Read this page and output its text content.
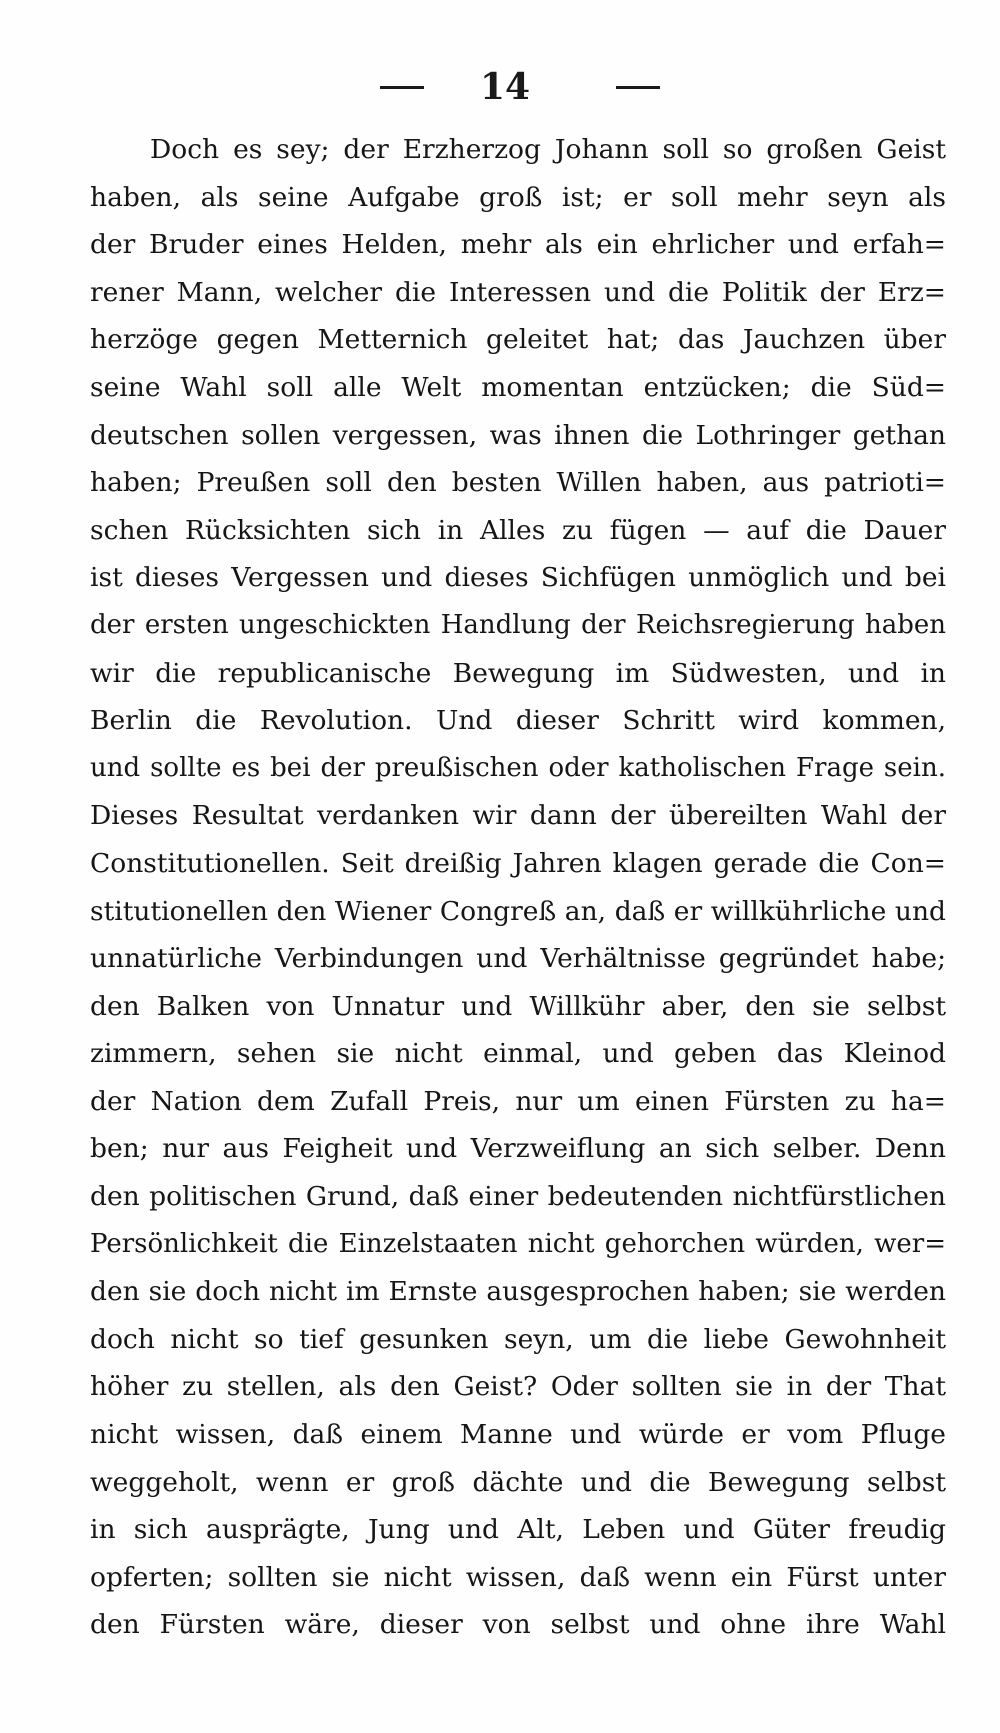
14
Doch es sey; der Erzherzog Johann soll so großen Geist
haben, als seine Aufgabe groß ist; er soll mehr seyn als
der Bruder eines Helden, mehr als ein ehrlicher und erfah=
rener Mann, welcher die Interessen und die Politik der Erz=
herzöge gegen Metternich geleitet hat; das Jauchzen über
seine Wahl soll alle Welt momentan entzücken; die Süd=
deutschen sollen vergessen, was ihnen die Lothringer gethan
haben; Preußen soll den besten Willen haben, aus patrioti=
schen Rücksichten sich in Alles zu fügen — auf die Dauer
ist dieses Vergessen und dieses Sichfügen unmöglich und bei
der ersten ungeschickten Handlung der Reichsregierung haben
wir die republicanische Bewegung im Südwesten, und in
Berlin die Revolution. Und dieser Schritt wird kommen,
und sollte es bei der preußischen oder katholischen Frage sein.
Dieses Resultat verdanken wir dann der übereilten Wahl der
Constitutionellen. Seit dreißig Jahren klagen gerade die Con=
stitutionellen den Wiener Congreß an, daß er willkührliche und
unnatürliche Verbindungen und Verhältnisse gegründet habe;
den Balken von Unnatur und Willkühr aber, den sie selbst
zimmern, sehen sie nicht einmal, und geben das Kleinod
der Nation dem Zufall Preis, nur um einen Fürsten zu ha=
ben; nur aus Feigheit und Verzweiflung an sich selber. Denn
den politischen Grund, daß einer bedeutenden nichtfürstlichen
Persönlichkeit die Einzelstaaten nicht gehorchen würden, wer=
den sie doch nicht im Ernste ausgesprochen haben; sie werden
doch nicht so tief gesunken seyn, um die liebe Gewohnheit
höher zu stellen, als den Geist? Oder sollten sie in der That
nicht wissen, daß einem Manne und würde er vom Pfluge
weggeholt, wenn er groß dächte und die Bewegung selbst
in sich ausprägte, Jung und Alt, Leben und Güter freudig
opferten; sollten sie nicht wissen, daß wenn ein Fürst unter
den Fürsten wäre, dieser von selbst und ohne ihre Wahl
